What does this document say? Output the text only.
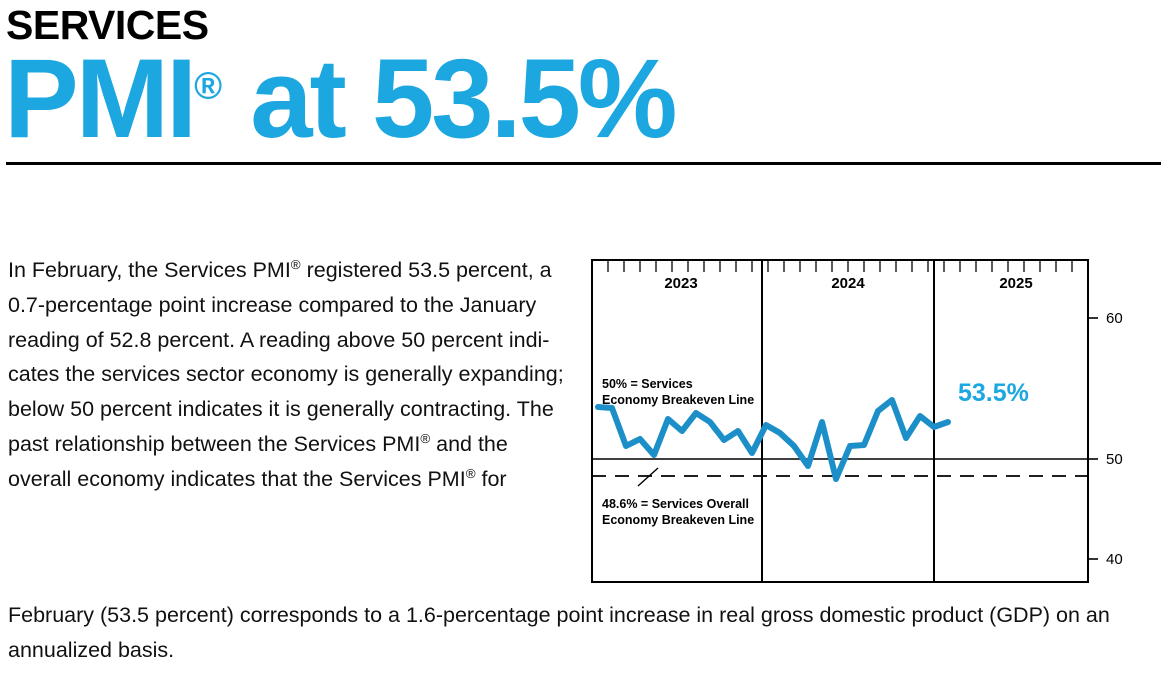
SERVICES
PMI® at 53.5%
In February, the Services PMI® registered 53.5 percent, a 0.7-percentage point increase compared to the January reading of 52.8 percent. A reading above 50 percent indi-cates the services sector economy is generally expanding; below 50 percent indicates it is generally contracting. The past relationship between the Services PMI® and the overall economy indicates that the Services PMI® for
February (53.5 percent) corresponds to a 1.6-percentage point increase in real gross domestic product (GDP) on an annualized basis.
2023	2024	2025
60
50
40
50% = Services
Economy Breakeven Line
48.6% = Services Overall
Economy Breakeven Line
53.5%
